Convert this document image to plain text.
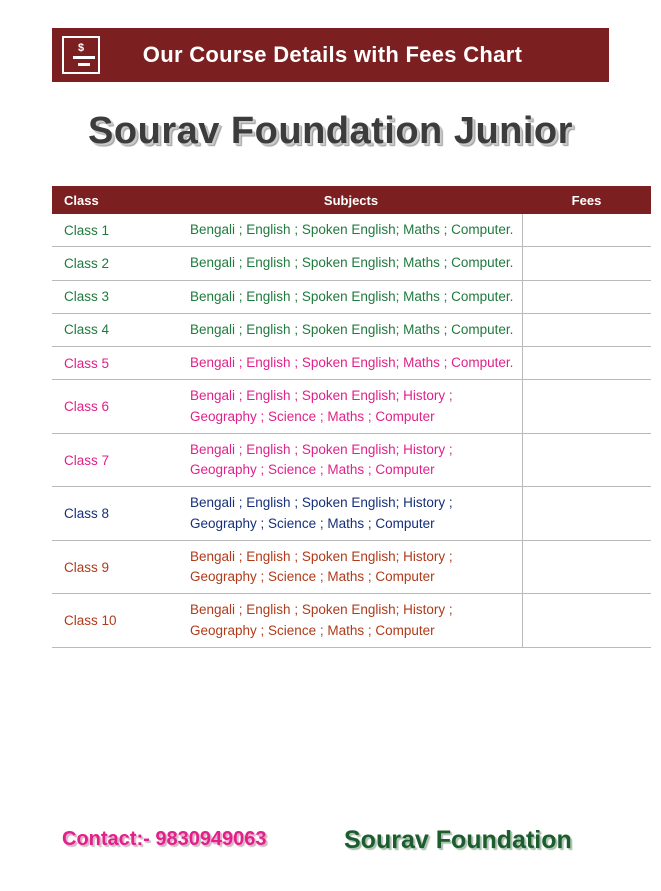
$	Our Course Details with Fees Chart
Sourav Foundation Junior
Class	Subjects	Fees
Class 1	Bengali ; English ; Spoken English; Maths ; Computer.	
Class 2	Bengali ; English ; Spoken English; Maths ; Computer.	
Class 3	Bengali ; English ; Spoken English; Maths ; Computer.	
Class 4	Bengali ; English ; Spoken English; Maths ; Computer.	
Class 5	Bengali ; English ; Spoken English; Maths ; Computer.	
Class 6	Bengali ; English ; Spoken English; History ; Geography ; Science ; Maths ; Computer	
Class 7	Bengali ; English ; Spoken English; History ; Geography ; Science ; Maths ; Computer	
Class 8	Bengali ; English ; Spoken English; History ; Geography ; Science ; Maths ; Computer	
Class 9	Bengali ; English ; Spoken English; History ; Geography ; Science ; Maths ; Computer	
Class 10	Bengali ; English ; Spoken English; History ; Geography ; Science ; Maths ; Computer	
Contact:- 9830949063	Sourav Foundation
